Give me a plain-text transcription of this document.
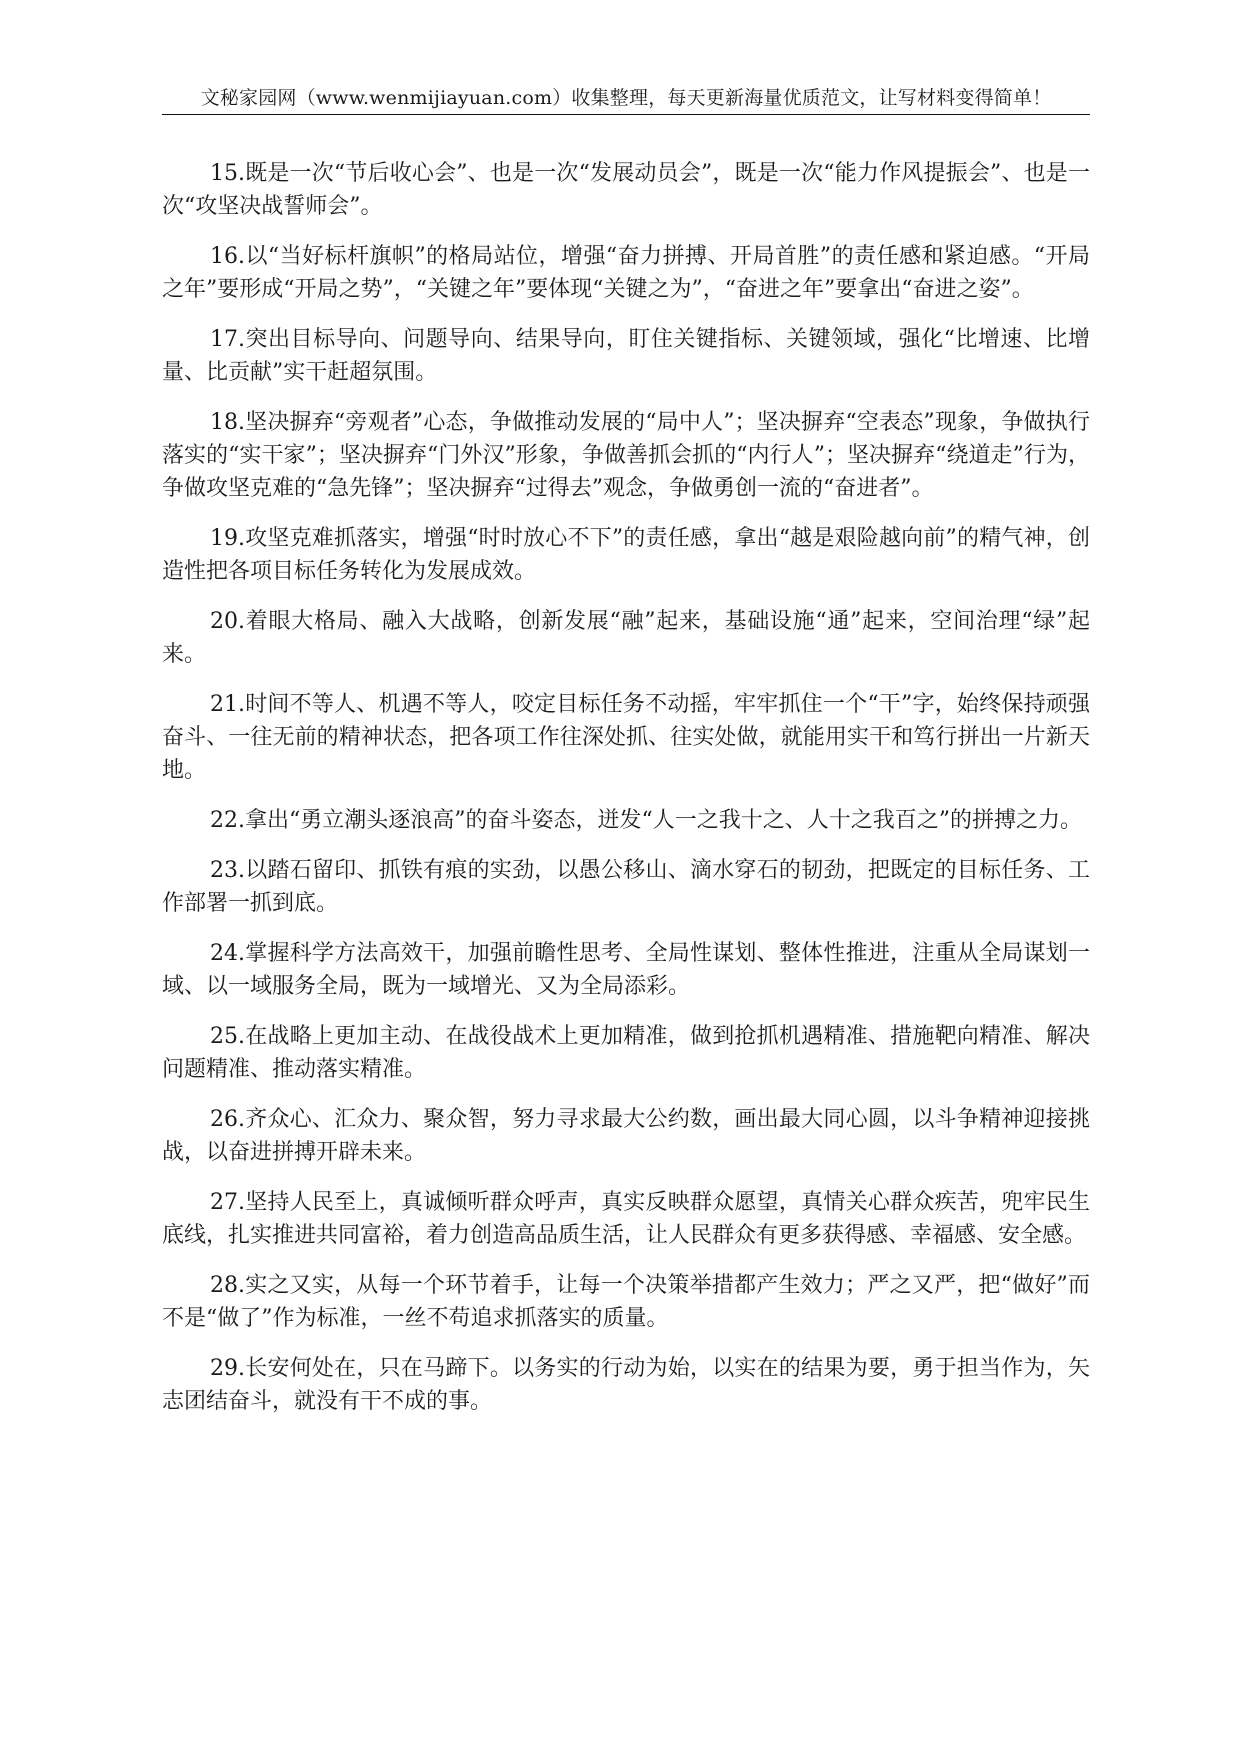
文秘家园网（www.wenmijiayuan.com）收集整理，每天更新海量优质范文，让写材料变得简单！

15.既是一次“节后收心会”、也是一次“发展动员会”，既是一次“能力作风提振会”、也是一次“攻坚决战誓师会”。

16.以“当好标杆旗帜”的格局站位，增强“奋力拼搏、开局首胜”的责任感和紧迫感。“开局之年”要形成“开局之势”，“关键之年”要体现“关键之为”，“奋进之年”要拿出“奋进之姿”。

17.突出目标导向、问题导向、结果导向，盯住关键指标、关键领域，强化“比增速、比增量、比贡献”实干赶超氛围。

18.坚决摒弃“旁观者”心态，争做推动发展的“局中人”；坚决摒弃“空表态”现象，争做执行落实的“实干家”；坚决摒弃“门外汉”形象，争做善抓会抓的“内行人”；坚决摒弃“绕道走”行为，争做攻坚克难的“急先锋”；坚决摒弃“过得去”观念，争做勇创一流的“奋进者”。

19.攻坚克难抓落实，增强“时时放心不下”的责任感，拿出“越是艰险越向前”的精气神，创造性把各项目标任务转化为发展成效。

20.着眼大格局、融入大战略，创新发展“融”起来，基础设施“通”起来，空间治理“绿”起来。

21.时间不等人、机遇不等人，咬定目标任务不动摇，牢牢抓住一个“干”字，始终保持顽强奋斗、一往无前的精神状态，把各项工作往深处抓、往实处做，就能用实干和笃行拼出一片新天地。

22.拿出“勇立潮头逐浪高”的奋斗姿态，迸发“人一之我十之、人十之我百之”的拼搏之力。

23.以踏石留印、抓铁有痕的实劲，以愚公移山、滴水穿石的韧劲，把既定的目标任务、工作部署一抓到底。

24.掌握科学方法高效干，加强前瞻性思考、全局性谋划、整体性推进，注重从全局谋划一域、以一域服务全局，既为一域增光、又为全局添彩。

25.在战略上更加主动、在战役战术上更加精准，做到抢抓机遇精准、措施靶向精准、解决问题精准、推动落实精准。

26.齐众心、汇众力、聚众智，努力寻求最大公约数，画出最大同心圆，以斗争精神迎接挑战，以奋进拼搏开辟未来。

27.坚持人民至上，真诚倾听群众呼声，真实反映群众愿望，真情关心群众疾苦，兜牢民生底线，扎实推进共同富裕，着力创造高品质生活，让人民群众有更多获得感、幸福感、安全感。

28.实之又实，从每一个环节着手，让每一个决策举措都产生效力；严之又严，把“做好”而不是“做了”作为标准，一丝不苟追求抓落实的质量。

29.长安何处在，只在马蹄下。以务实的行动为始，以实在的结果为要，勇于担当作为，矢志团结奋斗，就没有干不成的事。
